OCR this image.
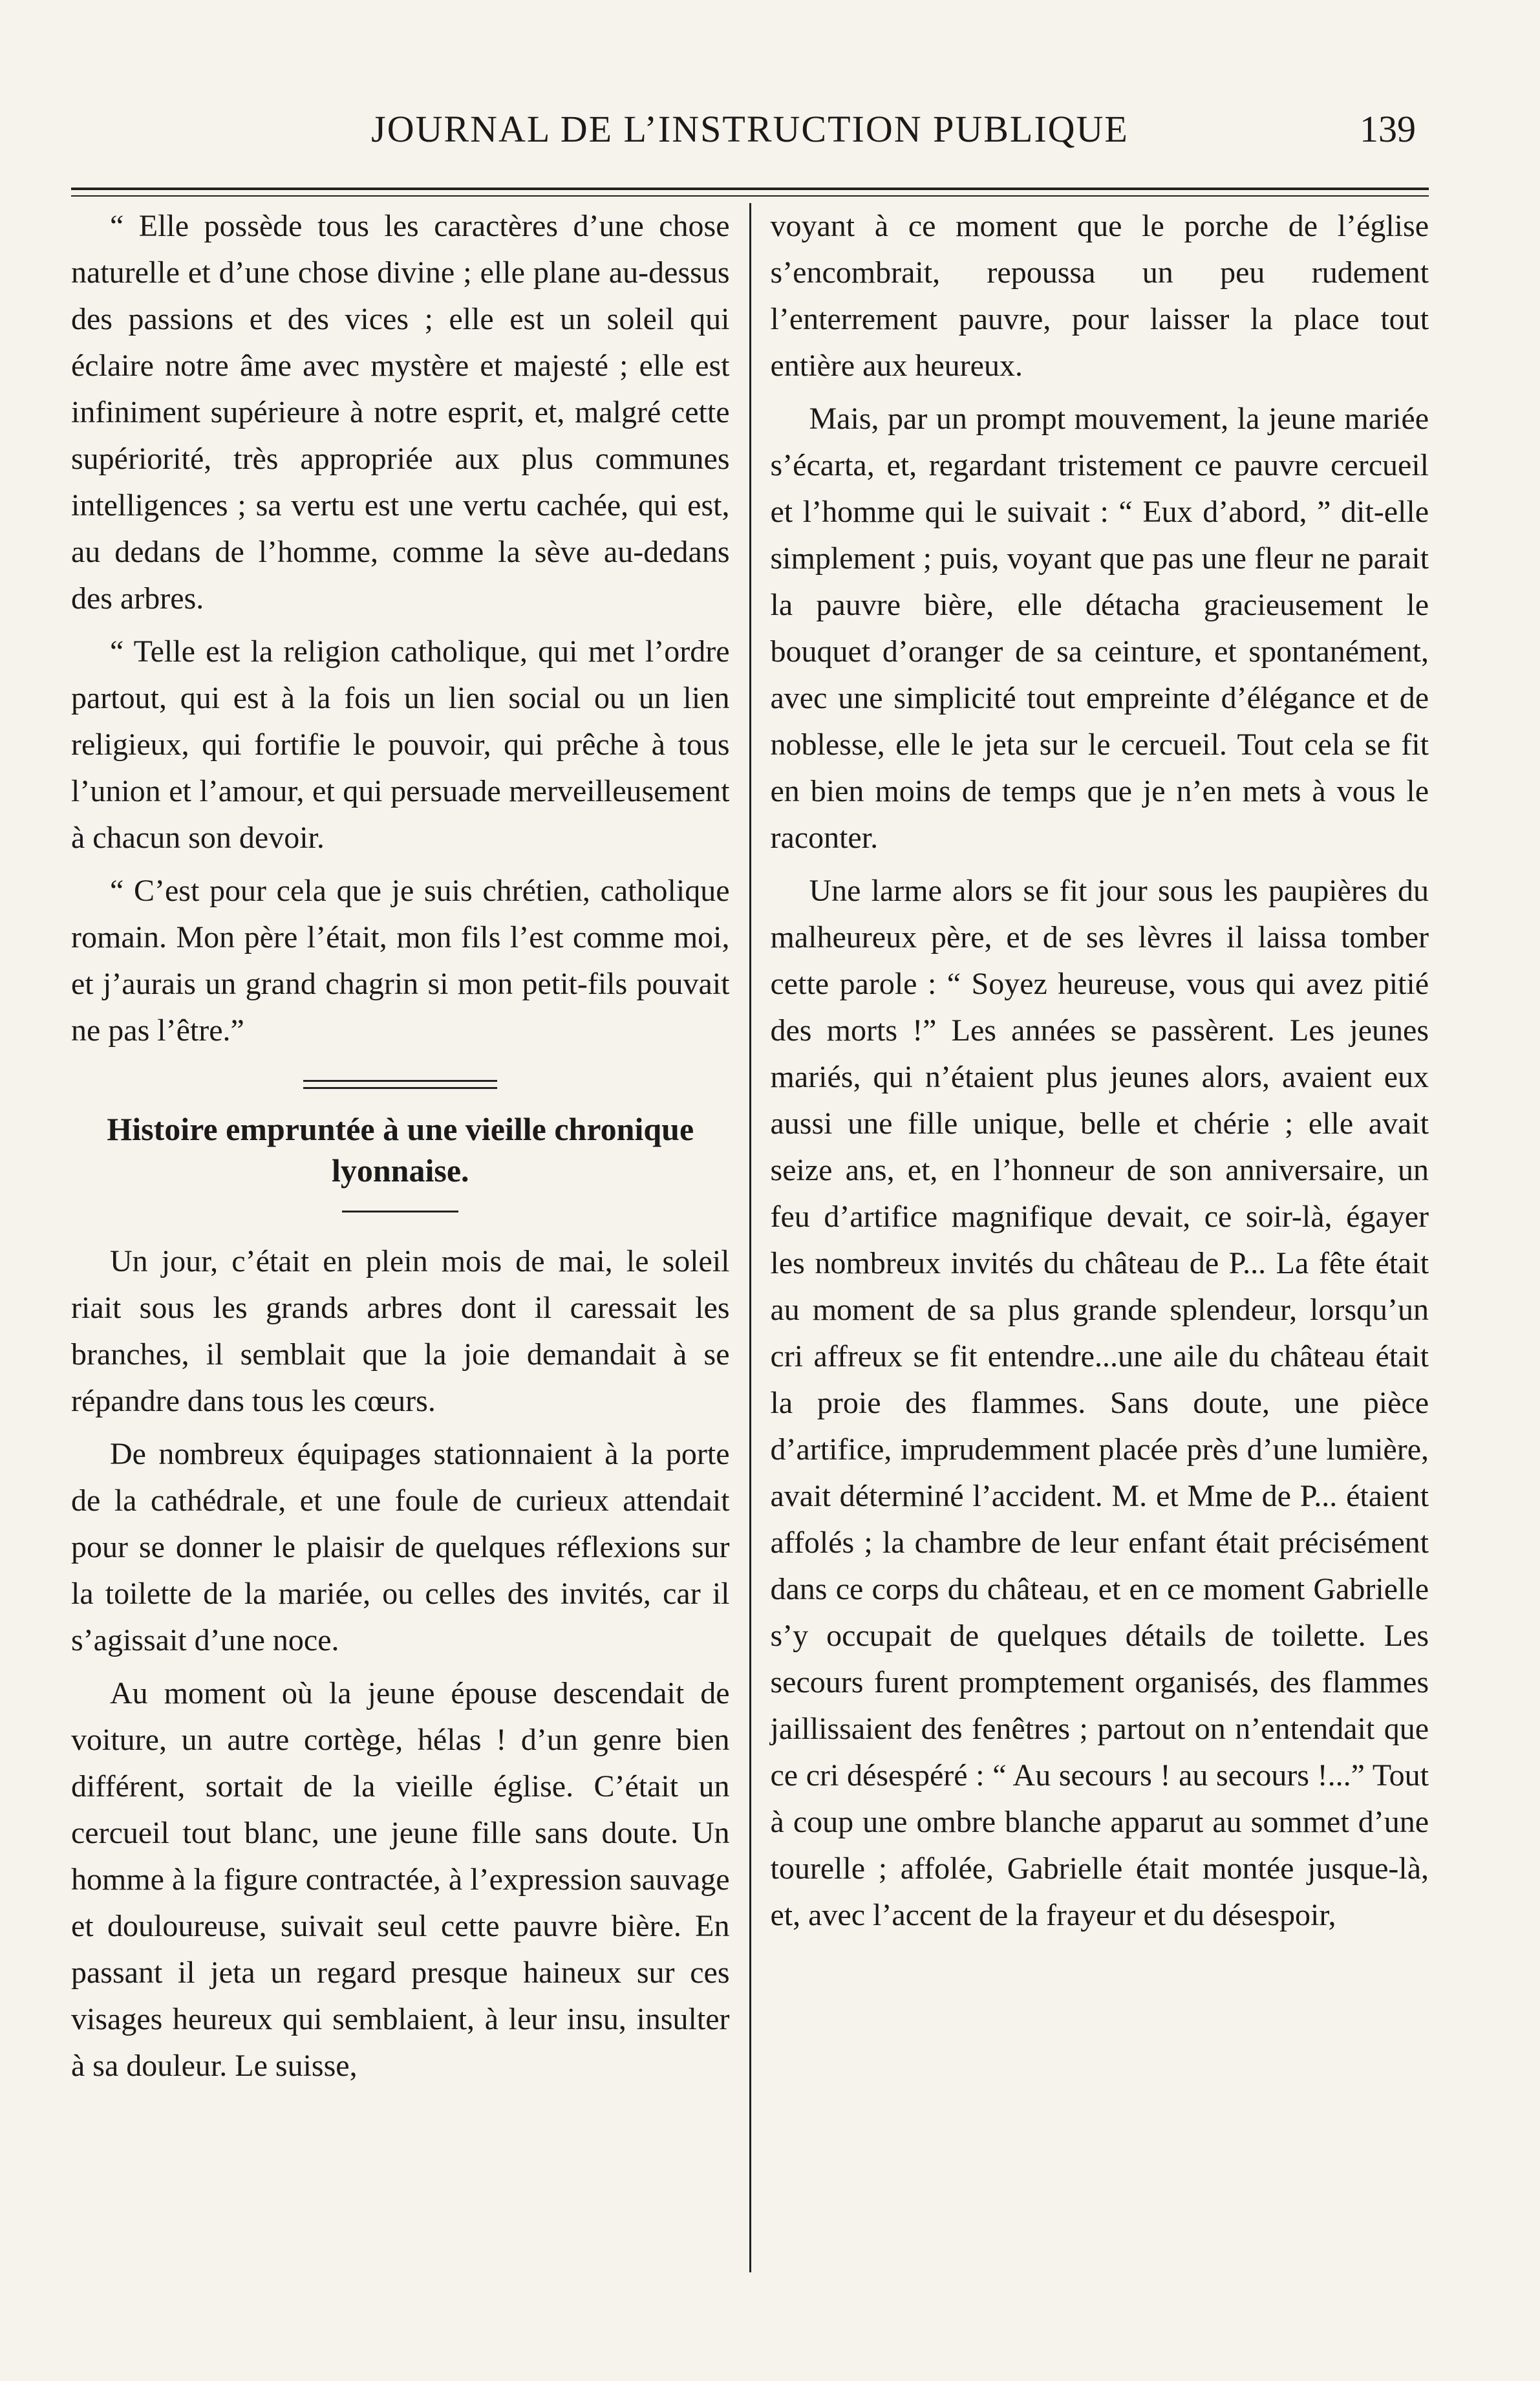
JOURNAL DE L’INSTRUCTION PUBLIQUE	139

“ Elle possède tous les caractères d’une chose naturelle et d’une chose divine ; elle plane au-dessus des passions et des vices ; elle est un soleil qui éclaire notre âme avec mystère et majesté ; elle est infiniment supérieure à notre esprit, et, malgré cette supériorité, très appropriée aux plus communes intelligences ; sa vertu est une vertu cachée, qui est, au dedans de l’homme, comme la sève au-dedans des arbres.

“ Telle est la religion catholique, qui met l’ordre partout, qui est à la fois un lien social ou un lien religieux, qui fortifie le pouvoir, qui prêche à tous l’union et l’amour, et qui persuade merveilleusement à chacun son devoir.

“ C’est pour cela que je suis chrétien, catholique romain. Mon père l’était, mon fils l’est comme moi, et j’aurais un grand chagrin si mon petit-fils pouvait ne pas l’être.”

Histoire empruntée à une vieille chronique lyonnaise.

Un jour, c’était en plein mois de mai, le soleil riait sous les grands arbres dont il caressait les branches, il semblait que la joie demandait à se répandre dans tous les cœurs.

De nombreux équipages stationnaient à la porte de la cathédrale, et une foule de curieux attendait pour se donner le plaisir de quelques réflexions sur la toilette de la mariée, ou celles des invités, car il s’agissait d’une noce.

Au moment où la jeune épouse descendait de voiture, un autre cortège, hélas ! d’un genre bien différent, sortait de la vieille église. C’était un cercueil tout blanc, une jeune fille sans doute. Un homme à la figure contractée, à l’expression sauvage et douloureuse, suivait seul cette pauvre bière. En passant il jeta un regard presque haineux sur ces visages heureux qui semblaient, à leur insu, insulter à sa douleur. Le suisse,

voyant à ce moment que le porche de l’église s’encombrait, repoussa un peu rudement l’enterrement pauvre, pour laisser la place tout entière aux heureux.

Mais, par un prompt mouvement, la jeune mariée s’écarta, et, regardant tristement ce pauvre cercueil et l’homme qui le suivait : “ Eux d’abord, ” dit-elle simplement ; puis, voyant que pas une fleur ne parait la pauvre bière, elle détacha gracieusement le bouquet d’oranger de sa ceinture, et spontanément, avec une simplicité tout empreinte d’élégance et de noblesse, elle le jeta sur le cercueil. Tout cela se fit en bien moins de temps que je n’en mets à vous le raconter.

Une larme alors se fit jour sous les paupières du malheureux père, et de ses lèvres il laissa tomber cette parole : “ Soyez heureuse, vous qui avez pitié des morts !” Les années se passèrent. Les jeunes mariés, qui n’étaient plus jeunes alors, avaient eux aussi une fille unique, belle et chérie ; elle avait seize ans, et, en l’honneur de son anniversaire, un feu d’artifice magnifique devait, ce soir-là, égayer les nombreux invités du château de P... La fête était au moment de sa plus grande splendeur, lorsqu’un cri affreux se fit entendre...une aile du château était la proie des flammes. Sans doute, une pièce d’artifice, imprudemment placée près d’une lumière, avait déterminé l’accident. M. et Mme de P... étaient affolés ; la chambre de leur enfant était précisément dans ce corps du château, et en ce moment Gabrielle s’y occupait de quelques détails de toilette. Les secours furent promptement organisés, des flammes jaillissaient des fenêtres ; partout on n’entendait que ce cri désespéré : “ Au secours ! au secours !...” Tout à coup une ombre blanche apparut au sommet d’une tourelle ; affolée, Gabrielle était montée jusque-là, et, avec l’accent de la frayeur et du désespoir,
